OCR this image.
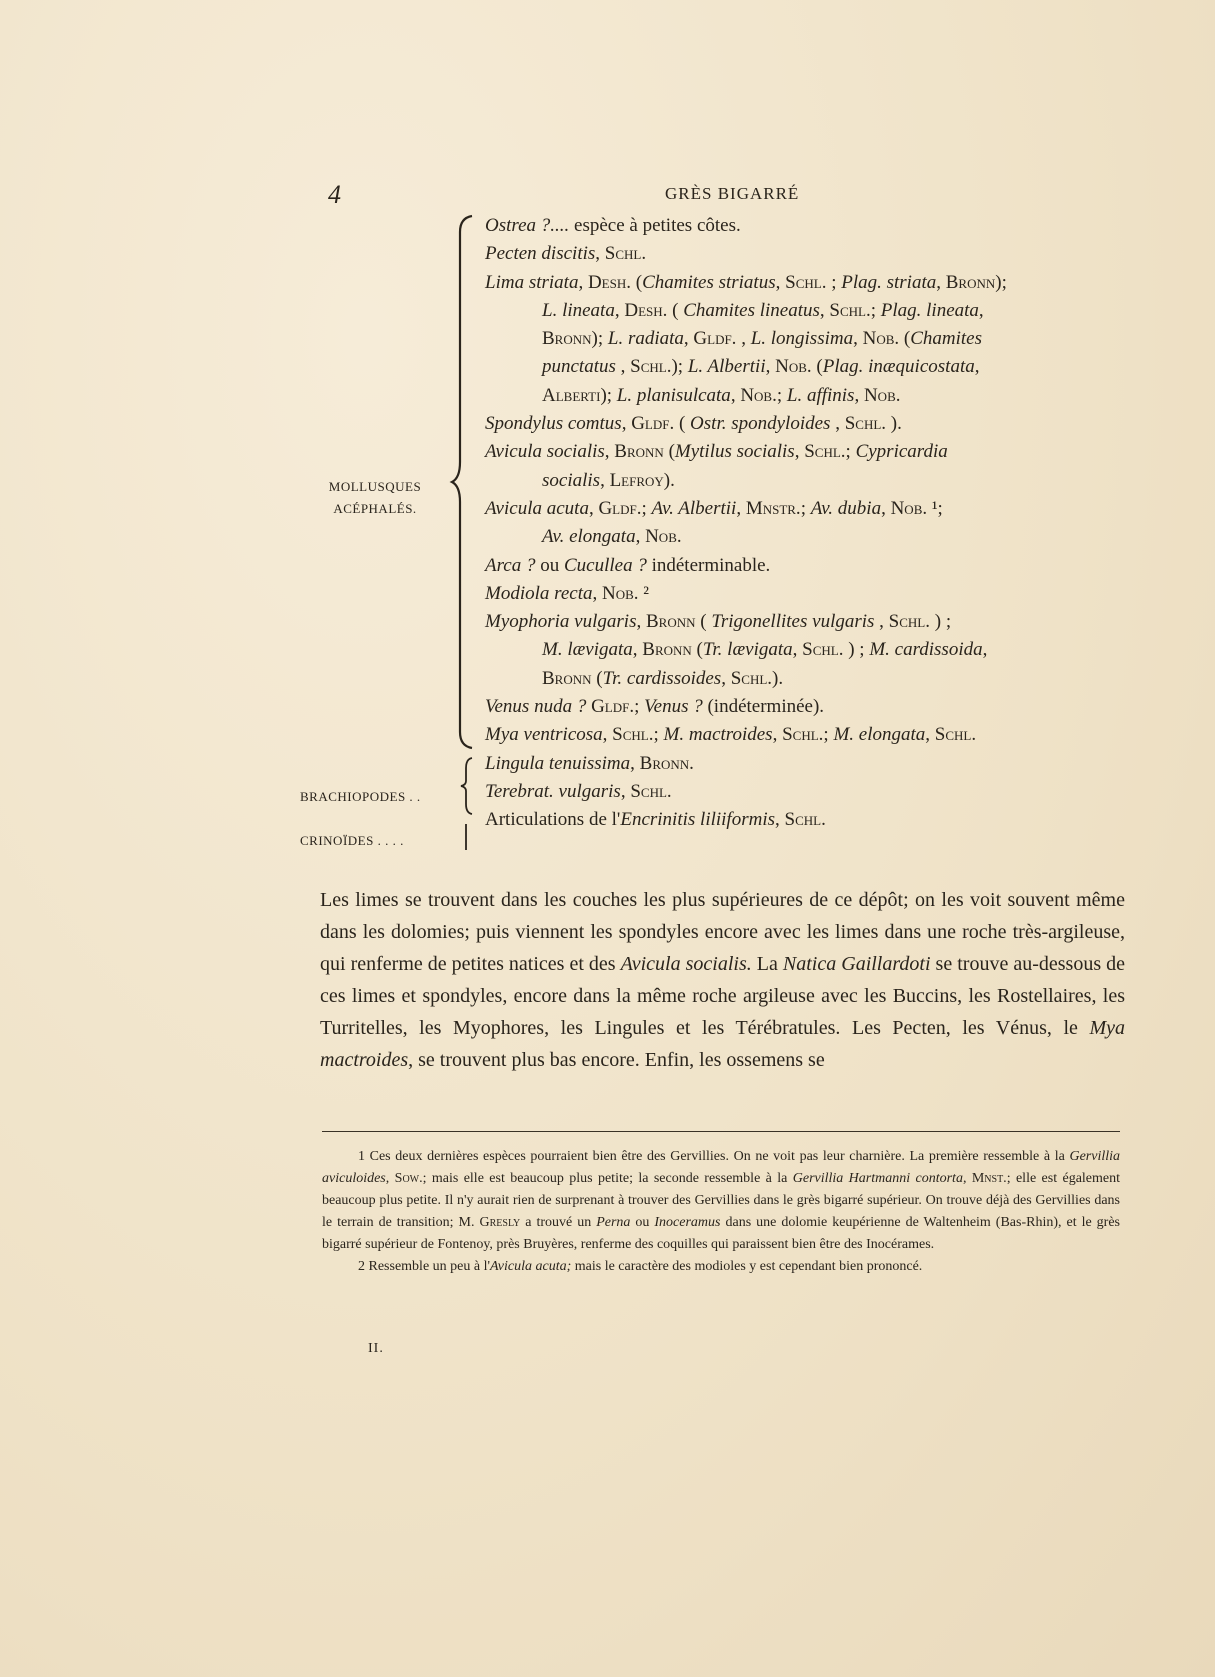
4	GRÈS BIGARRÉ
MOLLUSQUES
ACÉPHALÉS.
BRACHIOPODES . .
CRINOÏDES . . . .
Ostrea ?.... espèce à petites côtes.
Pecten discitis, Schl.
Lima striata, Desh. (Chamites striatus, Schl. ; Plag. striata, Bronn);
L. lineata, Desh. ( Chamites lineatus, Schl.; Plag. lineata,
Bronn); L. radiata, Gldf. , L. longissima, Nob. (Chamites
punctatus , Schl.); L. Albertii, Nob. (Plag. inæquicostata,
Alberti); L. planisulcata, Nob.; L. affinis, Nob.
Spondylus comtus, Gldf. ( Ostr. spondyloides , Schl. ).
Avicula socialis, Bronn (Mytilus socialis, Schl.; Cypricardia
socialis, Lefroy).
Avicula acuta, Gldf.; Av. Albertii, Mnstr.; Av. dubia, Nob. ¹;
Av. elongata, Nob.
Arca ? ou Cucullea ? indéterminable.
Modiola recta, Nob. ²
Myophoria vulgaris, Bronn ( Trigonellites vulgaris , Schl. ) ;
M. lævigata, Bronn (Tr. lævigata, Schl. ) ; M. cardissoida,
Bronn (Tr. cardissoides, Schl.).
Venus nuda ? Gldf.; Venus ? (indéterminée).
Mya ventricosa, Schl.; M. mactroides, Schl.; M. elongata, Schl.
Lingula tenuissima, Bronn.
Terebrat. vulgaris, Schl.
Articulations de l'Encrinitis liliiformis, Schl.
Les limes se trouvent dans les couches les plus supérieures de ce dépôt; on les voit souvent même dans les dolomies; puis viennent les spondyles encore avec les limes dans une roche très-argileuse, qui renferme de petites natices et des Avicula socialis. La Natica Gaillardoti se trouve au-dessous de ces limes et spondyles, encore dans la même roche argileuse avec les Buccins, les Rostellaires, les Turritelles, les Myophores, les Lingules et les Térébratules. Les Pecten, les Vénus, le Mya mactroides, se trouvent plus bas encore. Enfin, les ossemens se

1 Ces deux dernières espèces pourraient bien être des Gervillies. On ne voit pas leur charnière. La première ressemble à la Gervillia aviculoides, Sow.; mais elle est beaucoup plus petite; la seconde ressemble à la Gervillia Hartmanni contorta, Mnst.; elle est également beaucoup plus petite. Il n'y aurait rien de surprenant à trouver des Gervillies dans le grès bigarré supérieur. On trouve déjà des Gervillies dans le terrain de transition; M. Gresly a trouvé un Perna ou Inoceramus dans une dolomie keupérienne de Waltenheim (Bas-Rhin), et le grès bigarré supérieur de Fontenoy, près Bruyères, renferme des coquilles qui paraissent bien être des Inocérames.

2 Ressemble un peu à l'Avicula acuta; mais le caractère des modioles y est cependant bien prononcé.

II.
